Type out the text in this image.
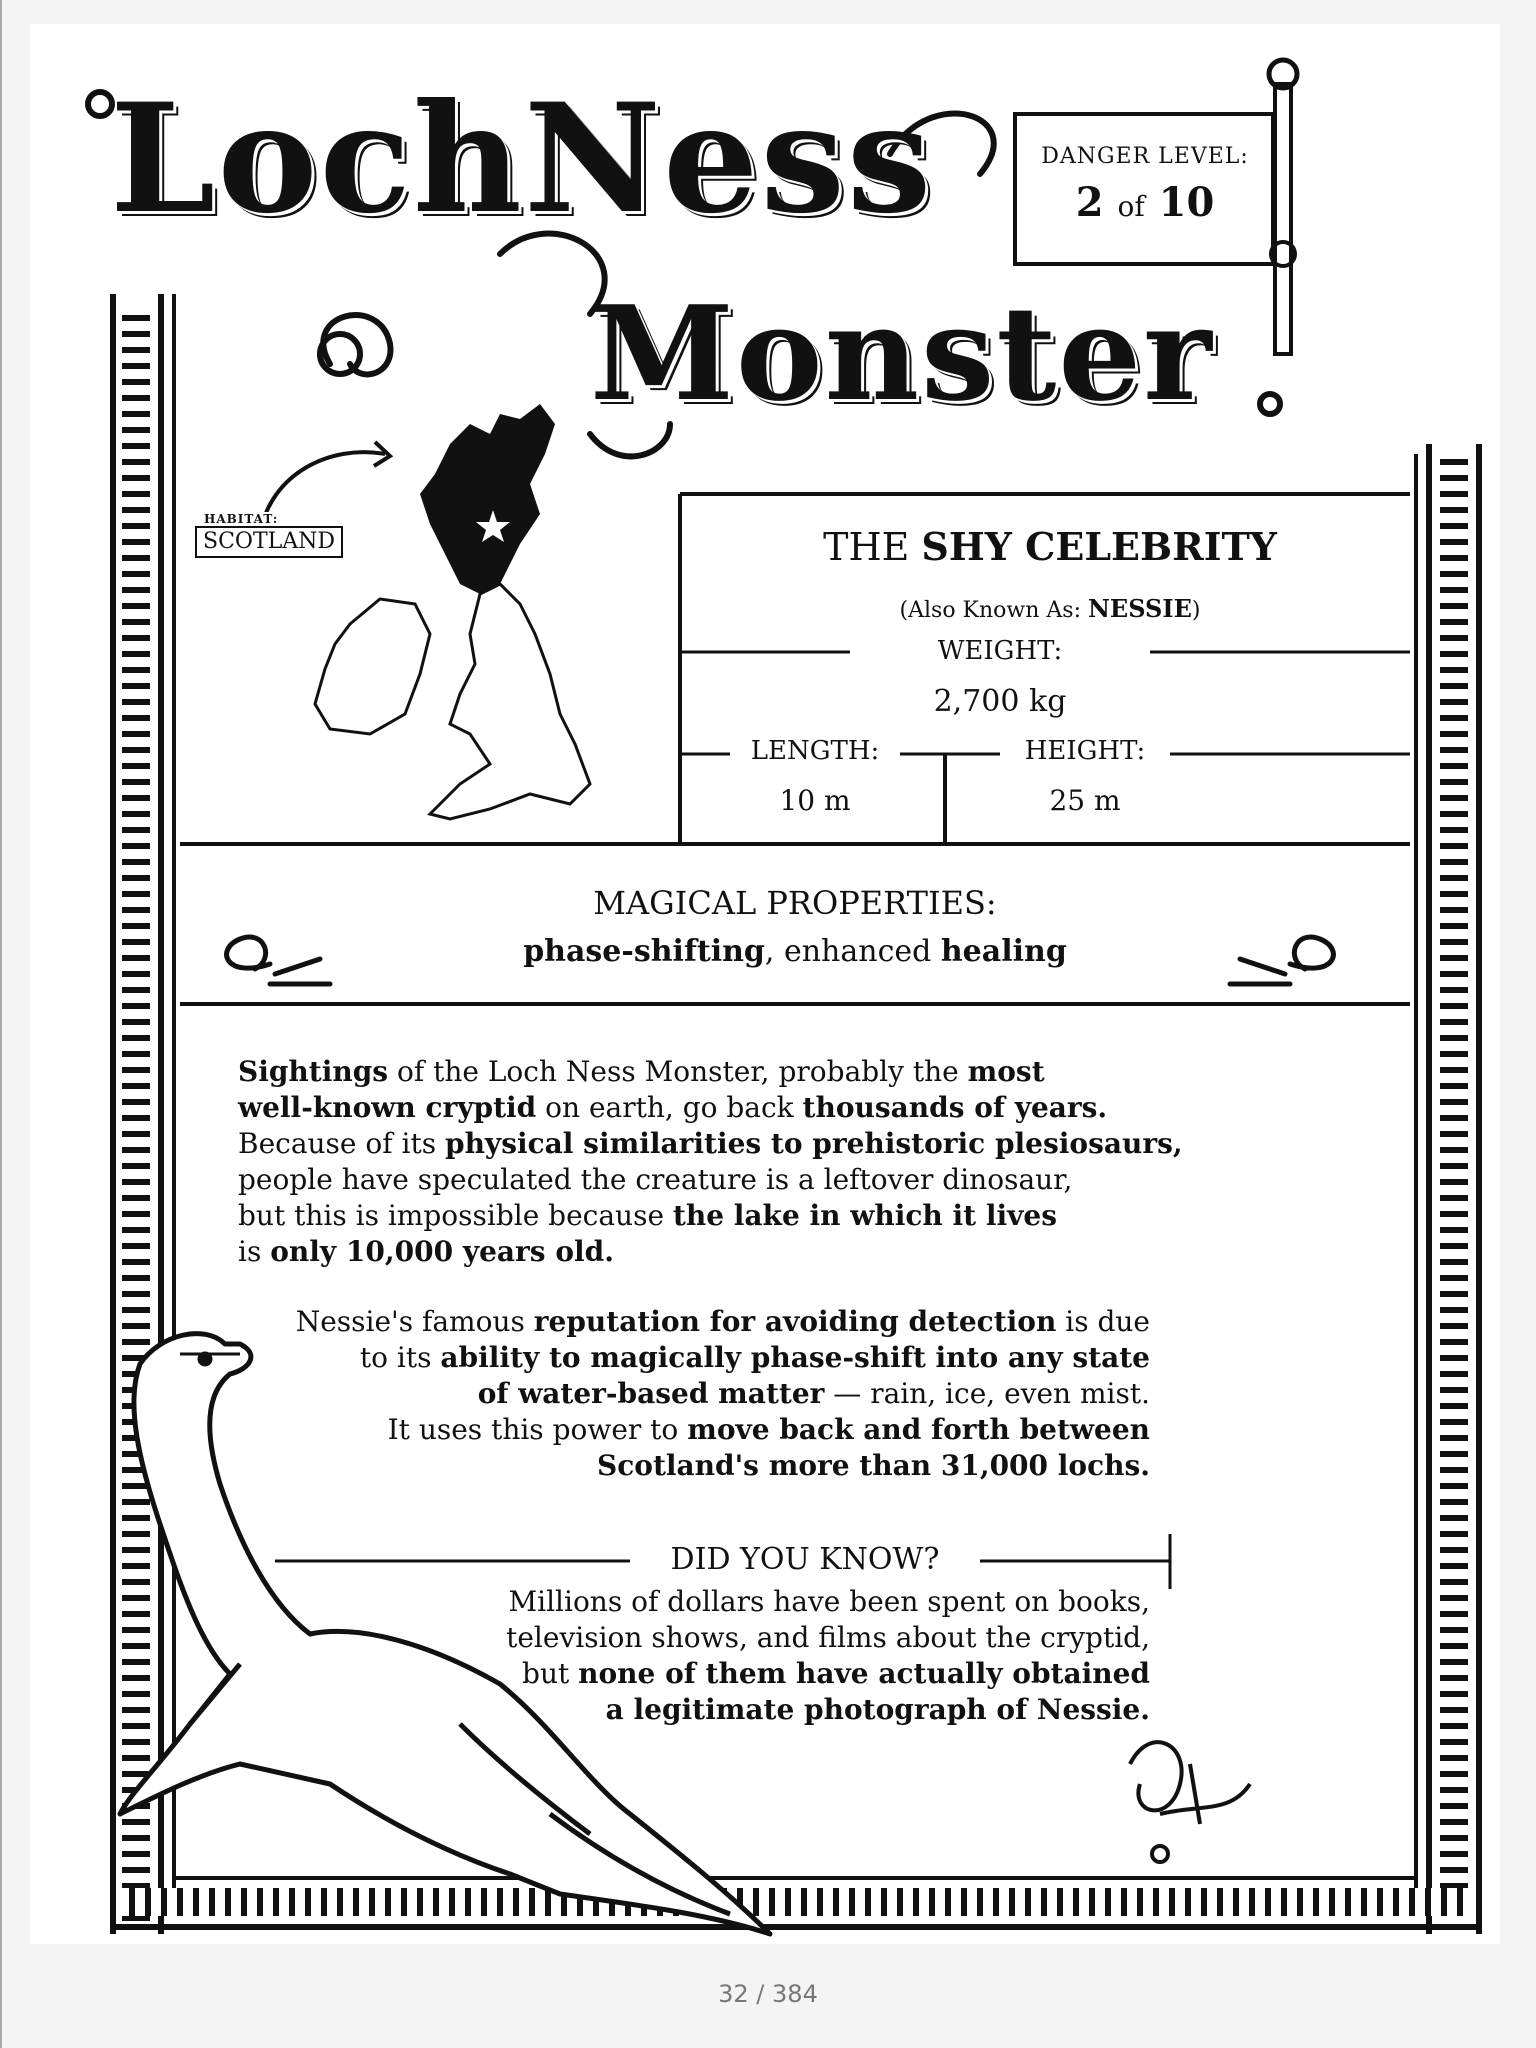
LochNess
Monster
DANGER LEVEL:
2 of 10
HABITAT:
SCOTLAND	THE SHY CELEBRITY
(Also Known As: NESSIE)
WEIGHT:
2,700 kg
LENGTH:
10 m
HEIGHT:
25 m
MAGICAL PROPERTIES:
phase-shifting, enhanced healing
Sightings of the Loch Ness Monster, probably the most
well-known cryptid on earth, go back thousands of years.
Because of its physical similarities to prehistoric plesiosaurs,
people have speculated the creature is a leftover dinosaur,
but this is impossible because the lake in which it lives
is only 10,000 years old.
Nessie's famous reputation for avoiding detection is due
to its ability to magically phase-shift into any state
of water-based matter — rain, ice, even mist.
It uses this power to move back and forth between
Scotland's more than 31,000 lochs.
DID YOU KNOW?
Millions of dollars have been spent on books,
television shows, and films about the cryptid,
but none of them have actually obtained
a legitimate photograph of Nessie.
32 / 384
